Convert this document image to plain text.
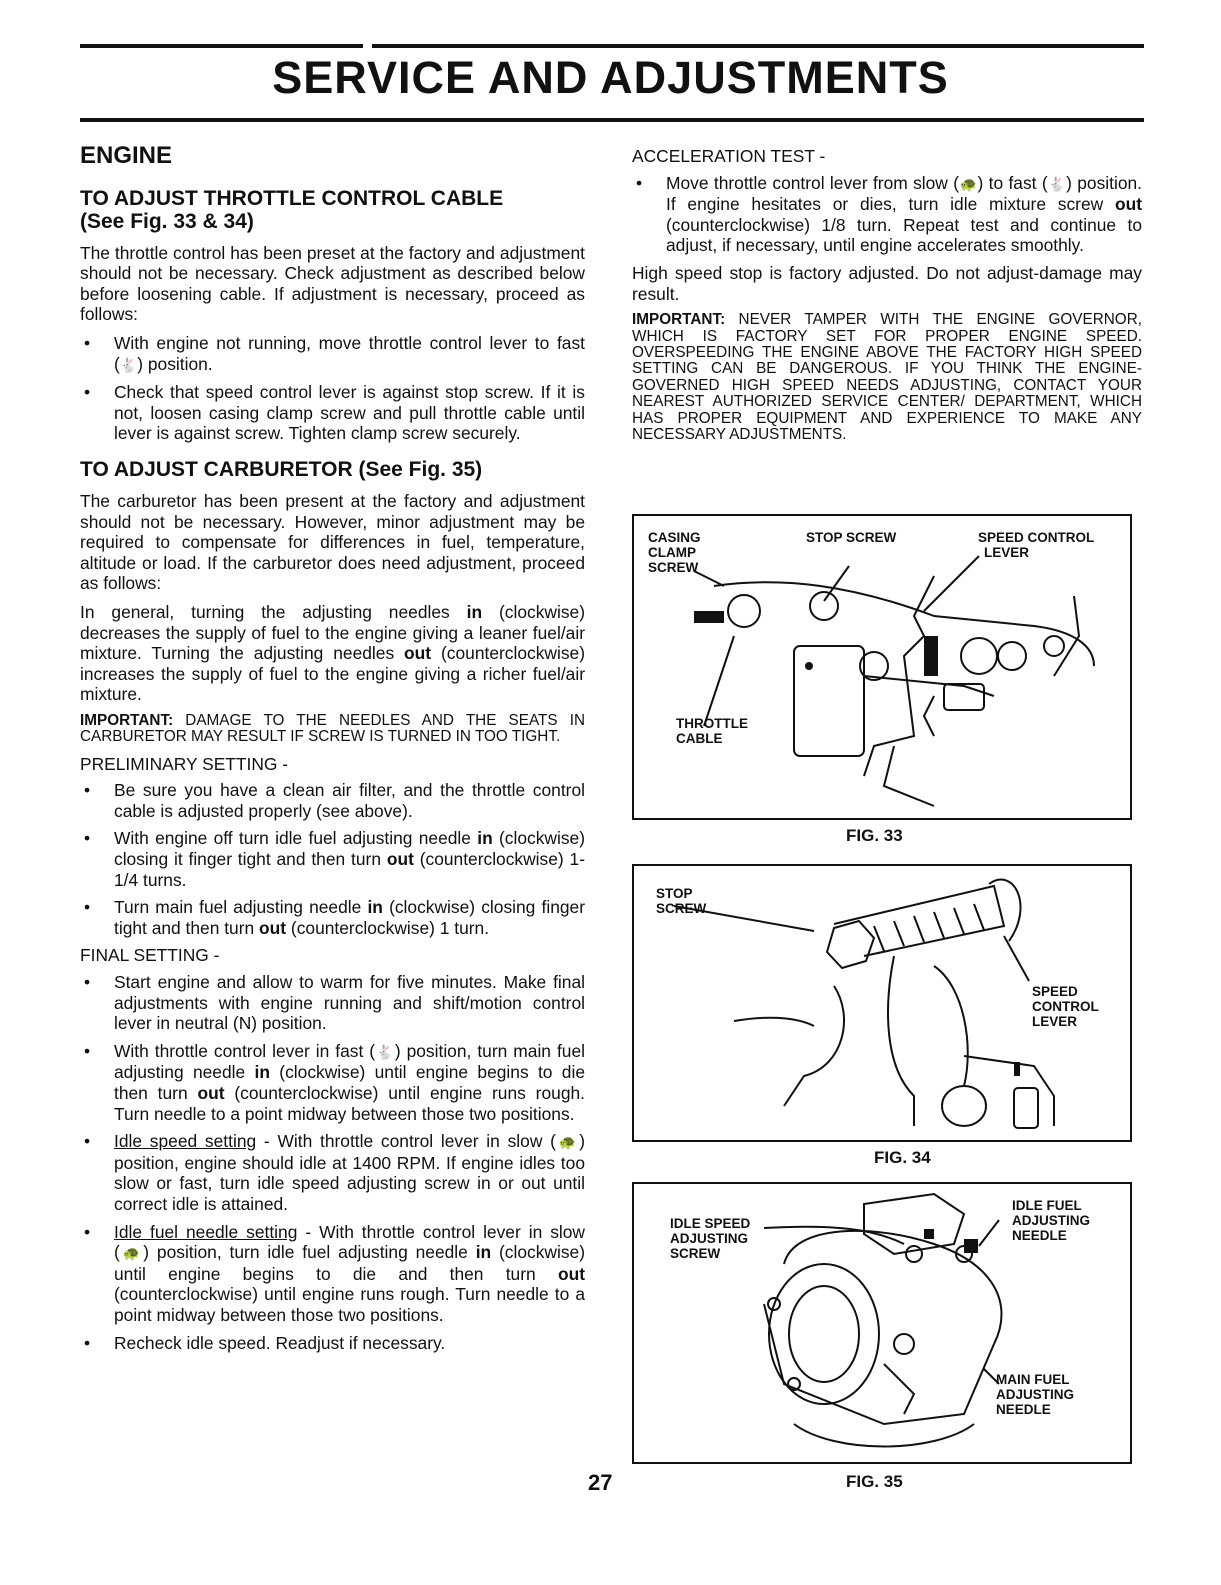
SERVICE AND ADJUSTMENTS
ENGINE
TO ADJUST THROTTLE CONTROL CABLE
(See Fig. 33 & 34)

The throttle control has been preset at the factory and adjustment should not be necessary. Check adjustment as described below before loosening cable. If adjustment is necessary, proceed as follows:

• With engine not running, move throttle control lever to fast (🐇) position.
• Check that speed control lever is against stop screw. If it is not, loosen casing clamp screw and pull throttle cable until lever is against screw. Tighten clamp screw securely.
TO ADJUST CARBURETOR (See Fig. 35)

The carburetor has been present at the factory and adjustment should not be necessary. However, minor adjustment may be required to compensate for differences in fuel, temperature, altitude or load. If the carburetor does need adjustment, proceed as follows:

In general, turning the adjusting needles in (clockwise) decreases the supply of fuel to the engine giving a leaner fuel/air mixture. Turning the adjusting needles out (counterclockwise) increases the supply of fuel to the engine giving a richer fuel/air mixture.

IMPORTANT: DAMAGE TO THE NEEDLES AND THE SEATS IN CARBURETOR MAY RESULT IF SCREW IS TURNED IN TOO TIGHT.
PRELIMINARY SETTING -
• Be sure you have a clean air filter, and the throttle control cable is adjusted properly (see above).
• With engine off turn idle fuel adjusting needle in (clockwise) closing it finger tight and then turn out (counterclockwise) 1-1/4 turns.
• Turn main fuel adjusting needle in (clockwise) closing finger tight and then turn out (counterclockwise) 1 turn.
FINAL SETTING -
• Start engine and allow to warm for five minutes. Make final adjustments with engine running and shift/motion control lever in neutral (N) position.
• With throttle control lever in fast (🐇) position, turn main fuel adjusting needle in (clockwise) until engine begins to die then turn out (counterclockwise) until engine runs rough. Turn needle to a point midway between those two positions.
• Idle speed setting - With throttle control lever in slow (🐢) position, engine should idle at 1400 RPM. If engine idles too slow or fast, turn idle speed adjusting screw in or out until correct idle is attained.
• Idle fuel needle setting - With throttle control lever in slow (🐢) position, turn idle fuel adjusting needle in (clockwise) until engine begins to die and then turn out (counterclockwise) until engine runs rough. Turn needle to a point midway between those two positions.
• Recheck idle speed. Readjust if necessary.
ACCELERATION TEST -
• Move throttle control lever from slow (🐢) to fast (🐇) position. If engine hesitates or dies, turn idle mixture screw out (counterclockwise) 1/8 turn. Repeat test and continue to adjust, if necessary, until engine accelerates smoothly.

High speed stop is factory adjusted. Do not adjust-damage may result.

IMPORTANT: NEVER TAMPER WITH THE ENGINE GOVERNOR, WHICH IS FACTORY SET FOR PROPER ENGINE SPEED. OVERSPEEDING THE ENGINE ABOVE THE FACTORY HIGH SPEED SETTING CAN BE DANGEROUS. IF YOU THINK THE ENGINE-GOVERNED HIGH SPEED NEEDS ADJUSTING, CONTACT YOUR NEAREST AUTHORIZED SERVICE CENTER/ DEPARTMENT, WHICH HAS PROPER EQUIPMENT AND EXPERIENCE TO MAKE ANY NECESSARY ADJUSTMENTS.
CASING
CLAMP
SCREW
STOP SCREW	SPEED CONTROL
LEVER
THROTTLE
CABLE
FIG. 33
STOP
SCREW
SPEED
CONTROL
LEVER
FIG. 34
IDLE SPEED
ADJUSTING
SCREW
IDLE FUEL
ADJUSTING
NEEDLE
MAIN FUEL
ADJUSTING
NEEDLE
FIG. 35
27
